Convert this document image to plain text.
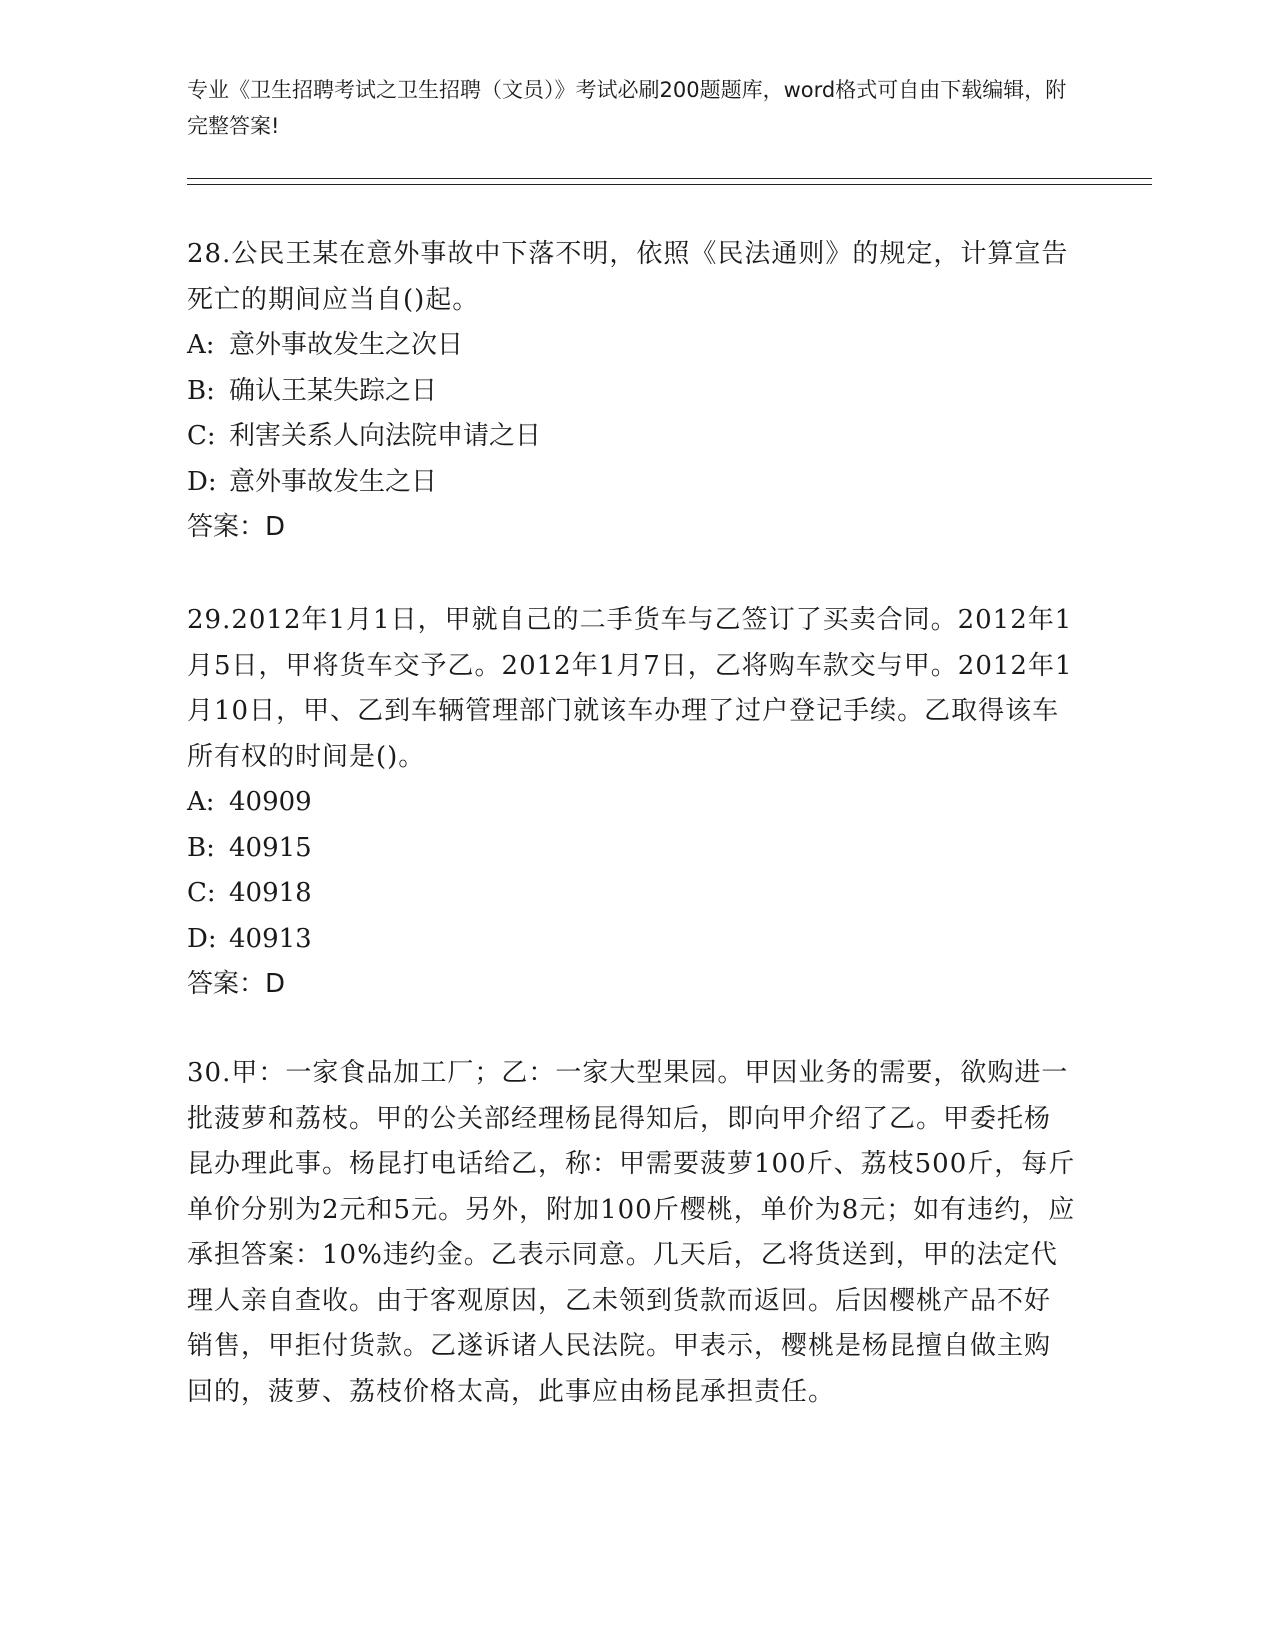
专业《卫生招聘考试之卫生招聘（文员）》考试必刷200题题库，word格式可自由下载编辑，附完整答案!

28.公民王某在意外事故中下落不明，依照《民法通则》的规定，计算宣告死亡的期间应当自()起。

A: 意外事故发生之次日
B: 确认王某失踪之日
C: 利害关系人向法院申请之日
D: 意外事故发生之日

答案：D

29.2012年1月1日，甲就自己的二手货车与乙签订了买卖合同。2012年1月5日，甲将货车交予乙。2012年1月7日，乙将购车款交与甲。2012年1月10日，甲、乙到车辆管理部门就该车办理了过户登记手续。乙取得该车所有权的时间是()。

A: 40909
B: 40915
C: 40918
D: 40913

答案：D

30.甲：一家食品加工厂；乙：一家大型果园。甲因业务的需要，欲购进一批菠萝和荔枝。甲的公关部经理杨昆得知后，即向甲介绍了乙。甲委托杨昆办理此事。杨昆打电话给乙，称：甲需要菠萝100斤、荔枝500斤，每斤单价分别为2元和5元。另外，附加100斤樱桃，单价为8元；如有违约，应承担答案：10%违约金。乙表示同意。几天后，乙将货送到，甲的法定代理人亲自查收。由于客观原因，乙未领到货款而返回。后因樱桃产品不好销售，甲拒付货款。乙遂诉诸人民法院。甲表示，樱桃是杨昆擅自做主购回的，菠萝、荔枝价格太高，此事应由杨昆承担责任。
